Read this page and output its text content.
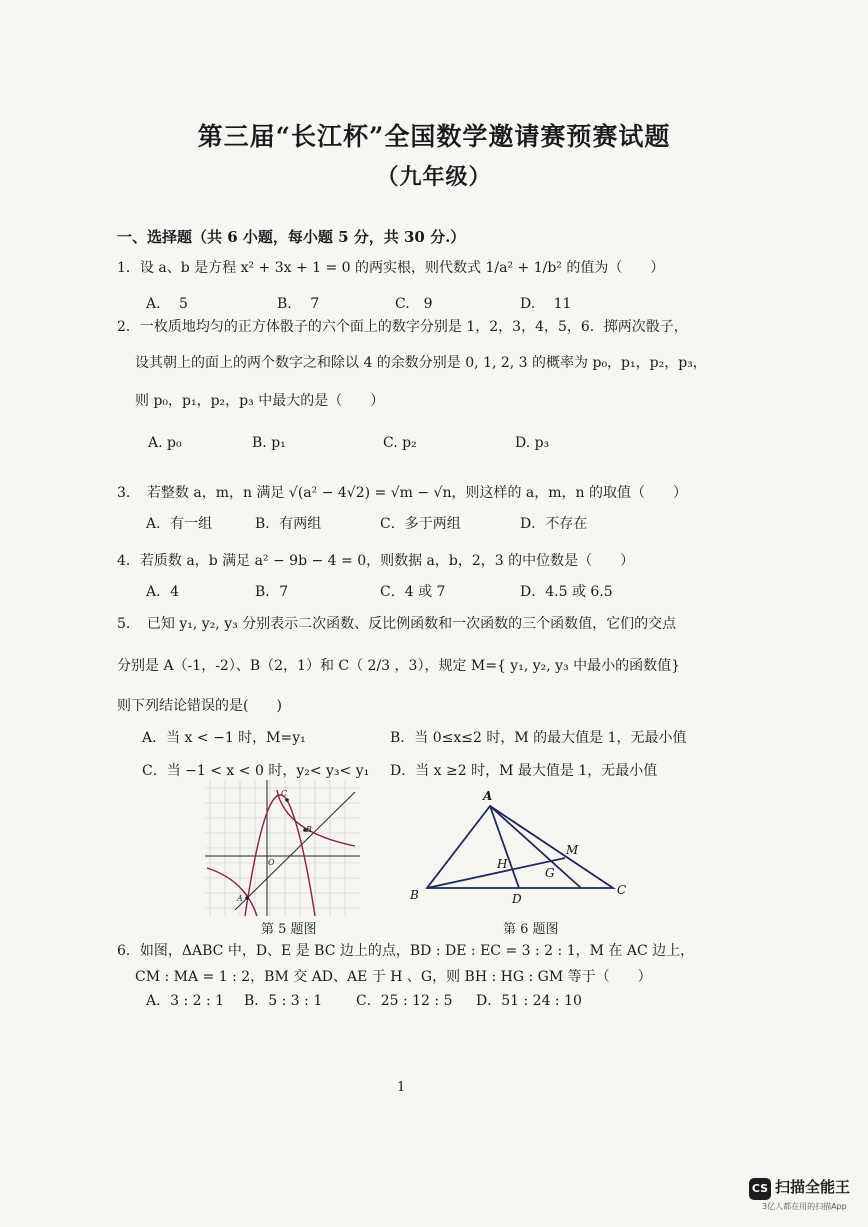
第三届“长江杯”全国数学邀请赛预赛试题
（九年级）
一、选择题（共 6 小题，每小题 5 分，共 30 分.）
1．设 a、b 是方程 x² + 3x + 1 = 0 的两实根，则代数式 1/a² + 1/b² 的值为（　　）
A.　 5	B.　 7	C.　9	D.　 11
2．一枚质地均匀的正方体骰子的六个面上的数字分别是 1，2，3，4，5，6．掷两次骰子，
设其朝上的面上的两个数字之和除以 4 的余数分别是 0, 1, 2, 3 的概率为 p₀，p₁，p₂，p₃，
则 p₀，p₁，p₂，p₃ 中最大的是（　　）
A. p₀	B. p₁	C. p₂	D. p₃
3．　若整数 a，m，n 满足 √(a² − 4√2) = √m − √n，则这样的 a，m，n 的取值（　　）
A．有一组	B．有两组	C．多于两组	D．不存在
4．若质数 a，b 满足 a² − 9b − 4 = 0，则数据 a，b，2，3 的中位数是（　　）
A．4	B．7	C．4 或 7	D．4.5 或 6.5
5．　已知 y₁, y₂, y₃ 分别表示二次函数、反比例函数和一次函数的三个函数值，它们的交点
分别是 A（-1，-2）、B（2，1）和 C（ 2/3 ，3），规定 M={ y₁, y₂, y₃ 中最小的函数值}
则下列结论错误的是(　　)
A．当 x < −1 时，M=y₁	B．当 0≤x≤2 时，M 的最大值是 1，无最小值
C．当 −1 < x < 0 时，y₂< y₃< y₁ D．当 x ≥2 时，M 最大值是 1，无最小值
C
B
O
A
第 5 题图
A
M
H
G
B	D
C
第 6 题图
6．如图，ΔABC 中，D、E 是 BC 边上的点，BD : DE : EC = 3 : 2 : 1，M 在 AC 边上，
CM : MA = 1 : 2，BM 交 AD、AE 于 H 、G，则 BH : HG : GM 等于（　　）
A．3 : 2 : 1 B．5 : 3 : 1 C．25 : 12 : 5 D．51 : 24 : 10
1
CS 扫描全能王
3亿人都在用的扫描App
